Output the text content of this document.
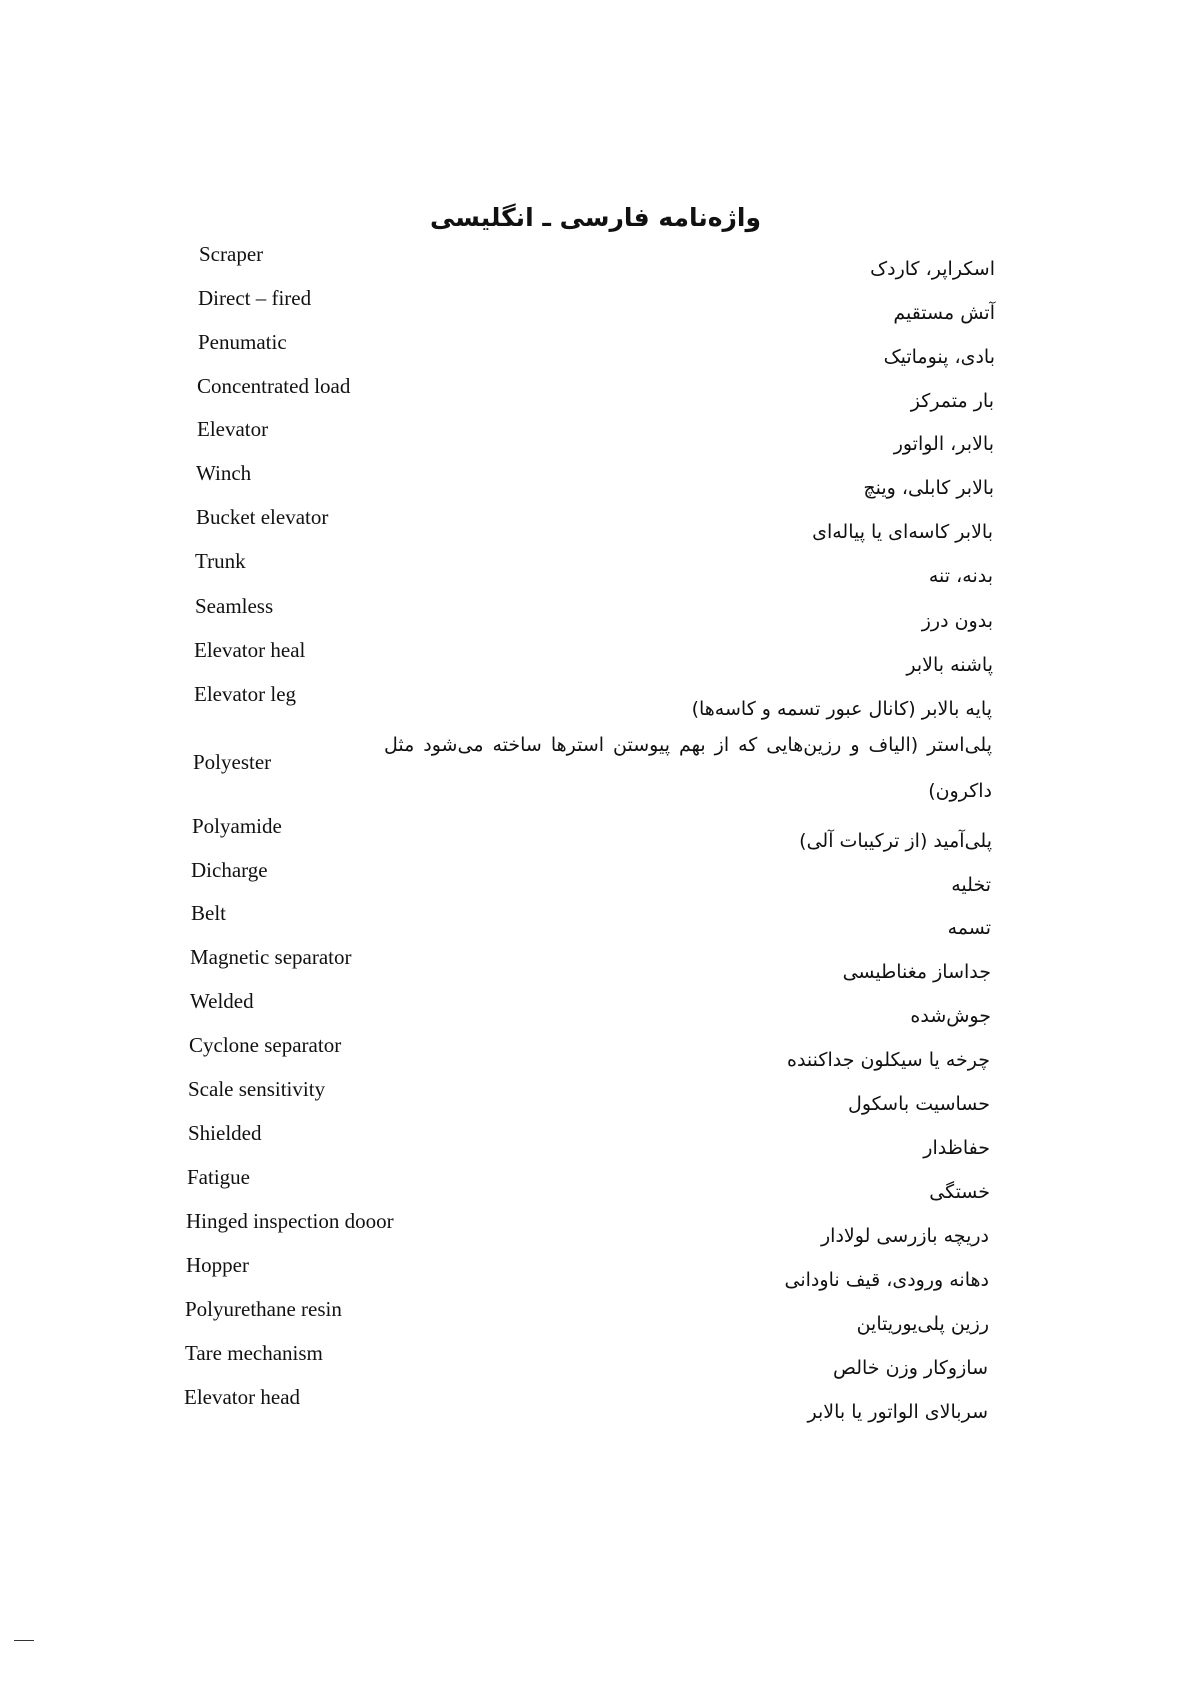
واژه‌نامه فارسی ـ انگلیسی
Scraper
اسکراپر، کاردک
Direct – fired
آتش مستقیم
Penumatic
بادی، پنوماتیک
Concentrated load
بار متمرکز
Elevator
بالابر، الواتور
Winch
بالابر کابلی، وینچ
Bucket elevator
بالابر کاسه‌ای یا پیاله‌ای
Trunk
بدنه، تنه
Seamless
بدون درز
Elevator heal
پاشنه بالابر
Elevator leg
پایه بالابر (کانال عبور تسمه و کاسه‌ها)
Polyester
پلی‌استر (الیاف و رزین‌هایی که از بهم پیوستن استرها ساخته می‌شود مثل داکرون)
Polyamide
پلی‌آمید (از ترکیبات آلی)
Dicharge
تخلیه
Belt
تسمه
Magnetic separator
جداساز مغناطیسی
Welded
جوش‌شده
Cyclone separator
چرخه یا سیکلون جداکننده
Scale sensitivity
حساسیت باسکول
Shielded
حفاظدار
Fatigue
خستگی
Hinged inspection dooor
دریچه بازرسی لولادار
Hopper
دهانه ورودی، قیف ناودانی
Polyurethane resin
رزین پلی‌یوریتاین
Tare mechanism
سازوکار وزن خالص
Elevator head
سربالای الواتور یا بالابر
